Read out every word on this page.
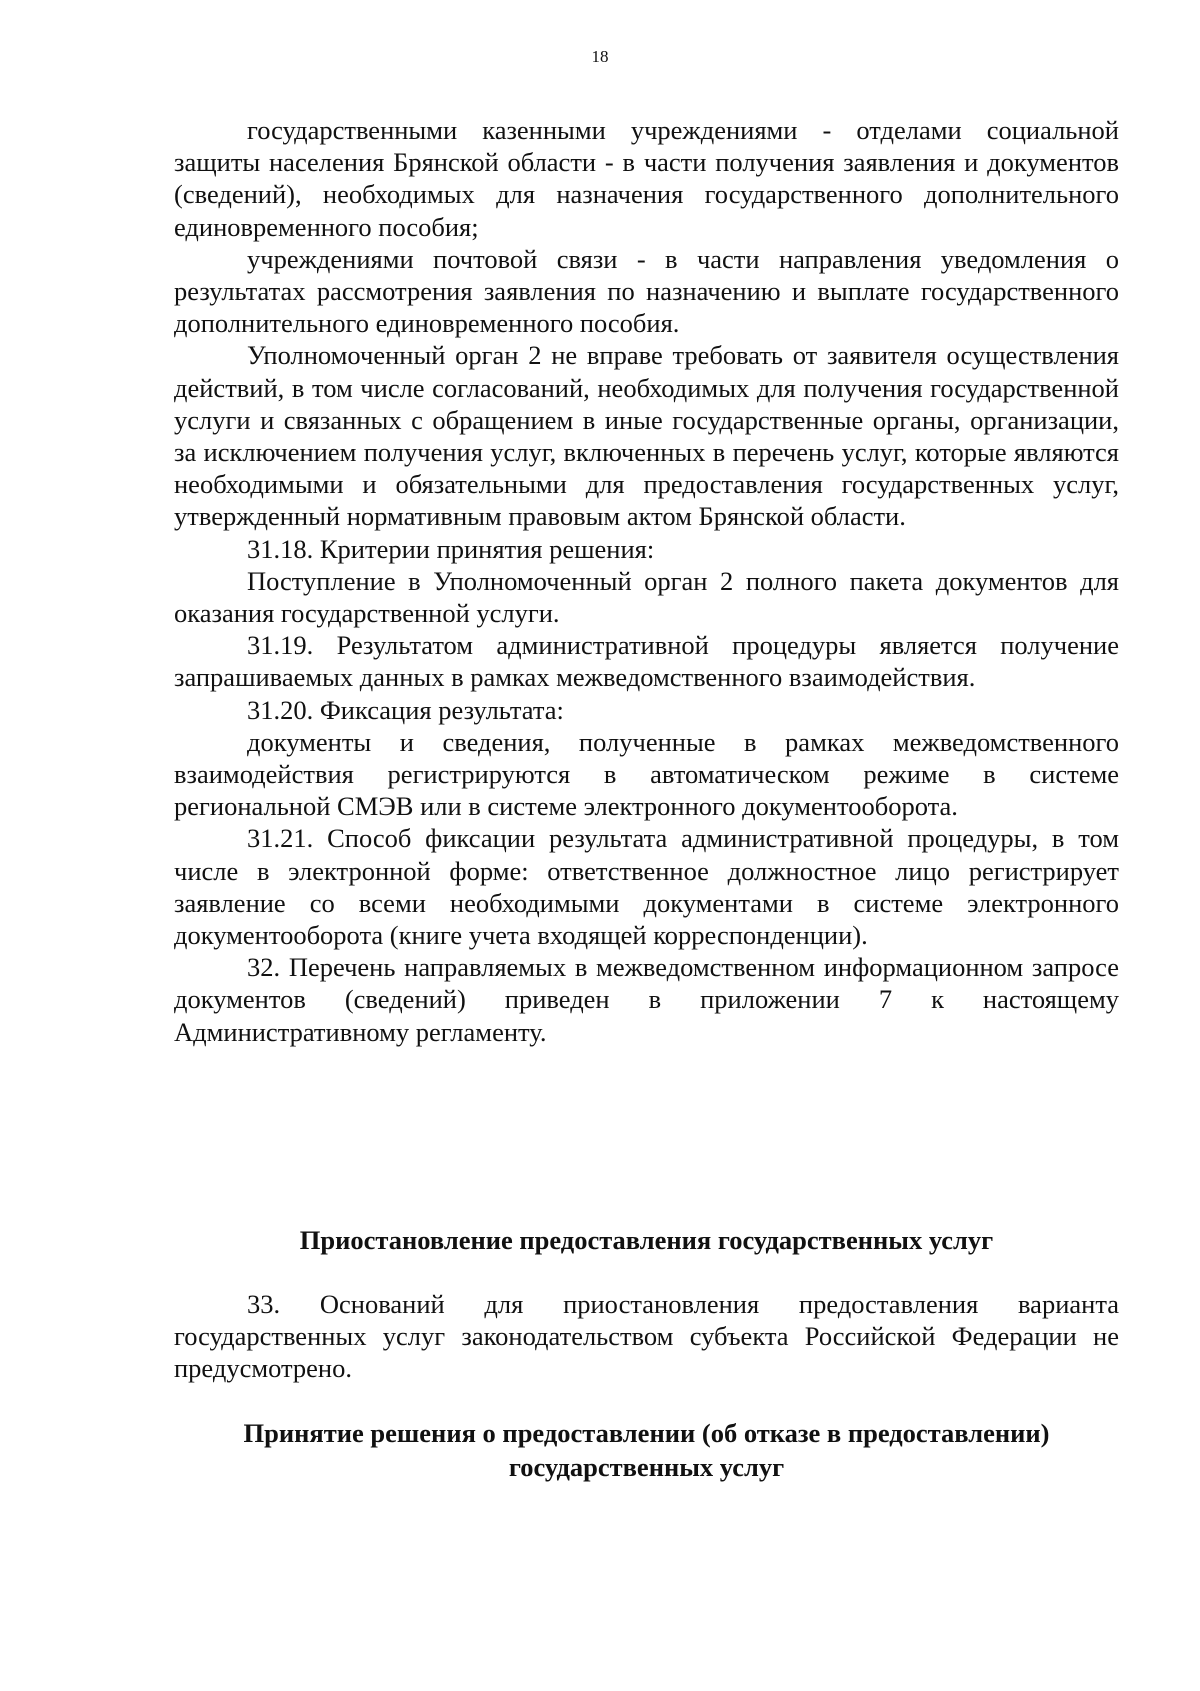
18

государственными казенными учреждениями - отделами социальной защиты населения Брянской области - в части получения заявления и документов (сведений), необходимых для назначения государственного дополнительного единовременного пособия;

учреждениями почтовой связи - в части направления уведомления о результатах рассмотрения заявления по назначению и выплате государственного дополнительного единовременного пособия.

Уполномоченный орган 2 не вправе требовать от заявителя осуществления действий, в том числе согласований, необходимых для получения государственной услуги и связанных с обращением в иные государственные органы, организации, за исключением получения услуг, включенных в перечень услуг, которые являются необходимыми и обязательными для предоставления государственных услуг, утвержденный нормативным правовым актом Брянской области.

31.18. Критерии принятия решения:

Поступление в Уполномоченный орган 2 полного пакета документов для оказания государственной услуги.

31.19. Результатом административной процедуры является получение запрашиваемых данных в рамках межведомственного взаимодействия.

31.20. Фиксация результата:

документы и сведения, полученные в рамках межведомственного взаимодействия регистрируются в автоматическом режиме в системе региональной СМЭВ или в системе электронного документооборота.

31.21. Способ фиксации результата административной процедуры, в том числе в электронной форме: ответственное должностное лицо регистрирует заявление со всеми необходимыми документами в системе электронного документооборота (книге учета входящей корреспонденции).

32. Перечень направляемых в межведомственном информационном запросе документов (сведений) приведен в приложении 7 к настоящему Административному регламенту.

Приостановление предоставления государственных услуг

33. Оснований для приостановления предоставления варианта государственных услуг законодательством субъекта Российской Федерации не предусмотрено.

Принятие решения о предоставлении (об отказе в предоставлении)
государственных услуг
